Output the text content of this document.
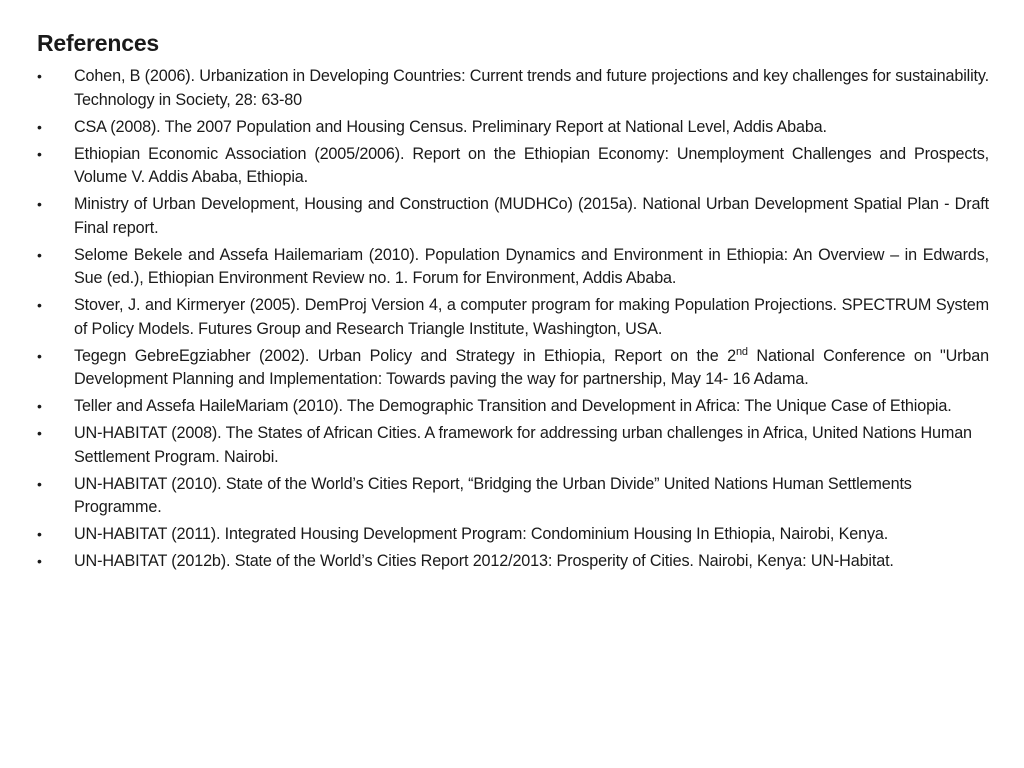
References
• Cohen, B (2006). Urbanization in Developing Countries: Current trends and future projections and key challenges for sustainability. Technology in Society, 28: 63-80
• CSA (2008). The 2007 Population and Housing Census. Preliminary Report at National Level, Addis Ababa.
• Ethiopian Economic Association (2005/2006). Report on the Ethiopian Economy: Unemployment Challenges and Prospects, Volume V. Addis Ababa, Ethiopia.
• Ministry of Urban Development, Housing and Construction (MUDHCo) (2015a). National Urban Development Spatial Plan - Draft Final report.
• Selome Bekele and Assefa Hailemariam (2010). Population Dynamics and Environment in Ethiopia: An Overview – in Edwards, Sue (ed.), Ethiopian Environment Review no. 1. Forum for Environment, Addis Ababa.
• Stover, J. and Kirmeryer (2005). DemProj Version 4, a computer program for making Population Projections. SPECTRUM System of Policy Models. Futures Group and Research Triangle Institute, Washington, USA.
• Tegegn GebreEgziabher (2002). Urban Policy and Strategy in Ethiopia, Report on the 2nd National Conference on "Urban Development Planning and Implementation: Towards paving the way for partnership, May 14- 16 Adama.
• Teller and Assefa HaileMariam (2010). The Demographic Transition and Development in Africa: The Unique Case of Ethiopia.
• UN-HABITAT (2008). The States of African Cities. A framework for addressing urban challenges in Africa, United Nations Human Settlement Program. Nairobi.
• UN-HABITAT (2010). State of the World’s Cities Report, “Bridging the Urban Divide” United Nations Human Settlements Programme.
• UN-HABITAT (2011). Integrated Housing Development Program: Condominium Housing In Ethiopia, Nairobi, Kenya.
• UN-HABITAT (2012b). State of the World’s Cities Report 2012/2013: Prosperity of Cities. Nairobi, Kenya: UN-Habitat.
